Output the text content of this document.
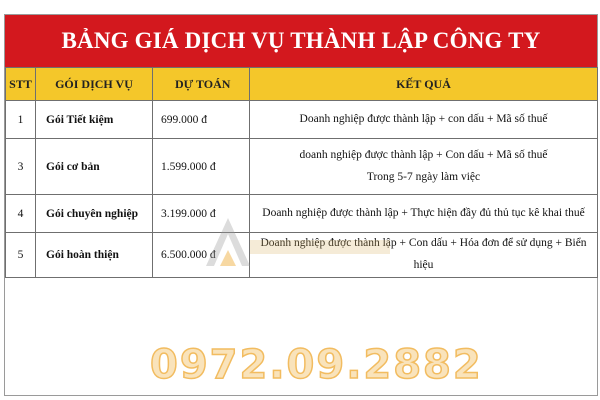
BẢNG GIÁ DỊCH VỤ THÀNH LẬP CÔNG TY
STT	GÓI DỊCH VỤ	DỰ TOÁN	KẾT QUẢ
1	Gói Tiết kiệm	699.000 đ	Doanh nghiệp được thành lập + con dấu + Mã số thuế
3	Gói cơ bản	1.599.000 đ	doanh nghiệp được thành lập + Con dấu + Mã số thuế
Trong 5-7 ngày làm việc

4	Gói chuyên nghiệp	3.199.000 đ	Doanh nghiệp được thành lập + Thực hiện đầy đủ thủ tục kê khai thuế
5	Gói hoàn thiện	6.500.000 đ	Doanh nghiệp được thành lập + Con dấu + Hóa đơn để sử dụng + Biển hiệu

0972.09.2882
